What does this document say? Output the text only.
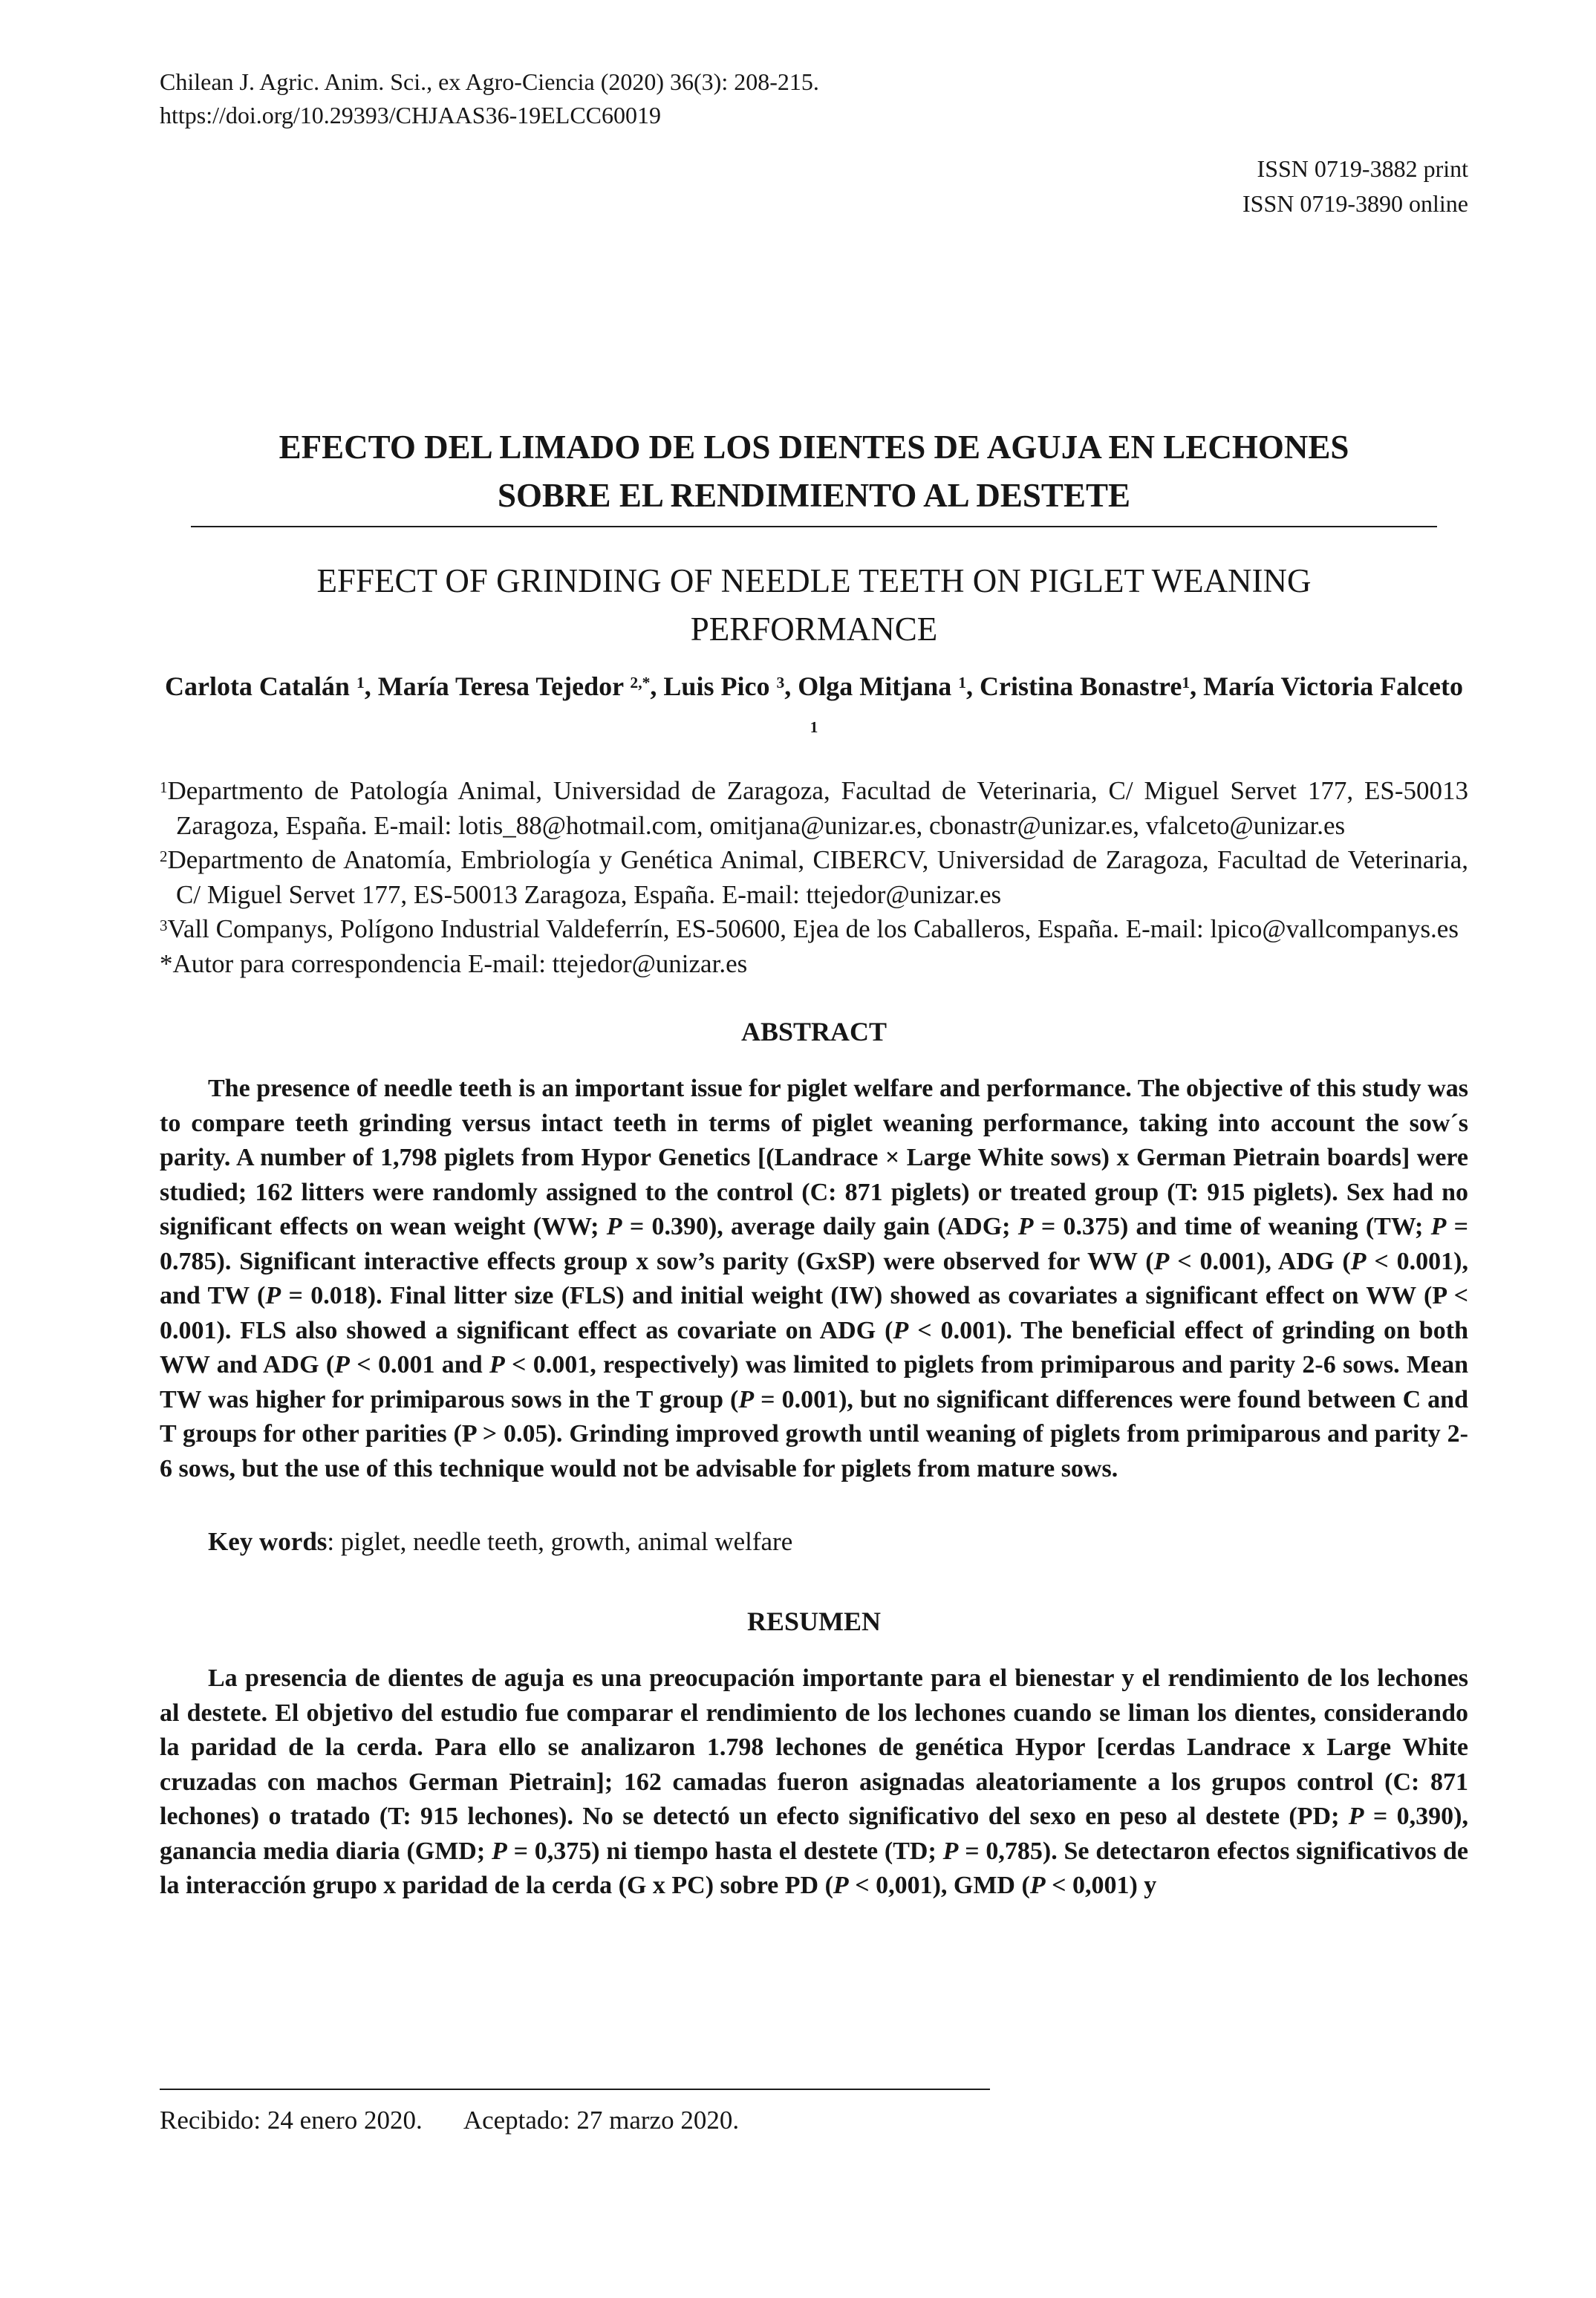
Chilean J. Agric. Anim. Sci., ex Agro-Ciencia (2020) 36(3): 208-215.
https://doi.org/10.29393/CHJAAS36-19ELCC60019
ISSN 0719-3882 print
ISSN 0719-3890 online
EFECTO DEL LIMADO DE LOS DIENTES DE AGUJA EN LECHONES
SOBRE EL RENDIMIENTO AL DESTETE
EFFECT OF GRINDING OF NEEDLE TEETH ON PIGLET WEANING
PERFORMANCE
Carlota Catalán $^1$, María Teresa Tejedor $^{2,*}$, Luis Pico $^3$, Olga Mitjana $^1$, Cristina Bonastre$^1$, María Victoria Falceto $^1$

$^1$Departmento de Patología Animal, Universidad de Zaragoza, Facultad de Veterinaria, C/ Miguel Servet 177, ES-50013 Zaragoza, España. E-mail: lotis_88@hotmail.com, omitjana@unizar.es, cbonastr@unizar.es, vfalceto@unizar.es

$^2$Departmento de Anatomía, Embriología y Genética Animal, CIBERCV, Universidad de Zaragoza, Facultad de Veterinaria, C/ Miguel Servet 177, ES-50013 Zaragoza, España. E-mail: ttejedor@unizar.es

$^3$Vall Companys, Polígono Industrial Valdeferrín, ES-50600, Ejea de los Caballeros, España. E-mail: lpico@vallcompanys.es

*Autor para correspondencia E-mail: ttejedor@unizar.es

ABSTRACT

The presence of needle teeth is an important issue for piglet welfare and performance. The objective of this study was to compare teeth grinding versus intact teeth in terms of piglet weaning performance, taking into account the sow´s parity. A number of 1,798 piglets from Hypor Genetics [(Landrace × Large White sows) x German Pietrain boards] were studied; 162 litters were randomly assigned to the control (C: 871 piglets) or treated group (T: 915 piglets). Sex had no significant effects on wean weight (WW; P = 0.390), average daily gain (ADG; P = 0.375) and time of weaning (TW; P = 0.785). Significant interactive effects group x sow’s parity (GxSP) were observed for WW (P < 0.001), ADG (P < 0.001), and TW (P = 0.018). Final litter size (FLS) and initial weight (IW) showed as covariates a significant effect on WW (P < 0.001). FLS also showed a significant effect as covariate on ADG (P < 0.001). The beneficial effect of grinding on both WW and ADG (P < 0.001 and P < 0.001, respectively) was limited to piglets from primiparous and parity 2-6 sows. Mean TW was higher for primiparous sows in the T group (P = 0.001), but no significant differences were found between C and T groups for other parities (P > 0.05). Grinding improved growth until weaning of piglets from primiparous and parity 2-6 sows, but the use of this technique would not be advisable for piglets from mature sows.

Key words: piglet, needle teeth, growth, animal welfare

RESUMEN

La presencia de dientes de aguja es una preocupación importante para el bienestar y el rendimiento de los lechones al destete. El objetivo del estudio fue comparar el rendimiento de los lechones cuando se liman los dientes, considerando la paridad de la cerda. Para ello se analizaron 1.798 lechones de genética Hypor [cerdas Landrace x Large White cruzadas con machos German Pietrain]; 162 camadas fueron asignadas aleatoriamente a los grupos control (C: 871 lechones) o tratado (T: 915 lechones). No se detectó un efecto significativo del sexo en peso al destete (PD; P = 0,390), ganancia media diaria (GMD; P = 0,375) ni tiempo hasta el destete (TD; P = 0,785). Se detectaron efectos significativos de la interacción grupo x paridad de la cerda (G x PC) sobre PD (P < 0,001), GMD (P < 0,001) y

Recibido: 24 enero 2020. Aceptado: 27 marzo 2020.
